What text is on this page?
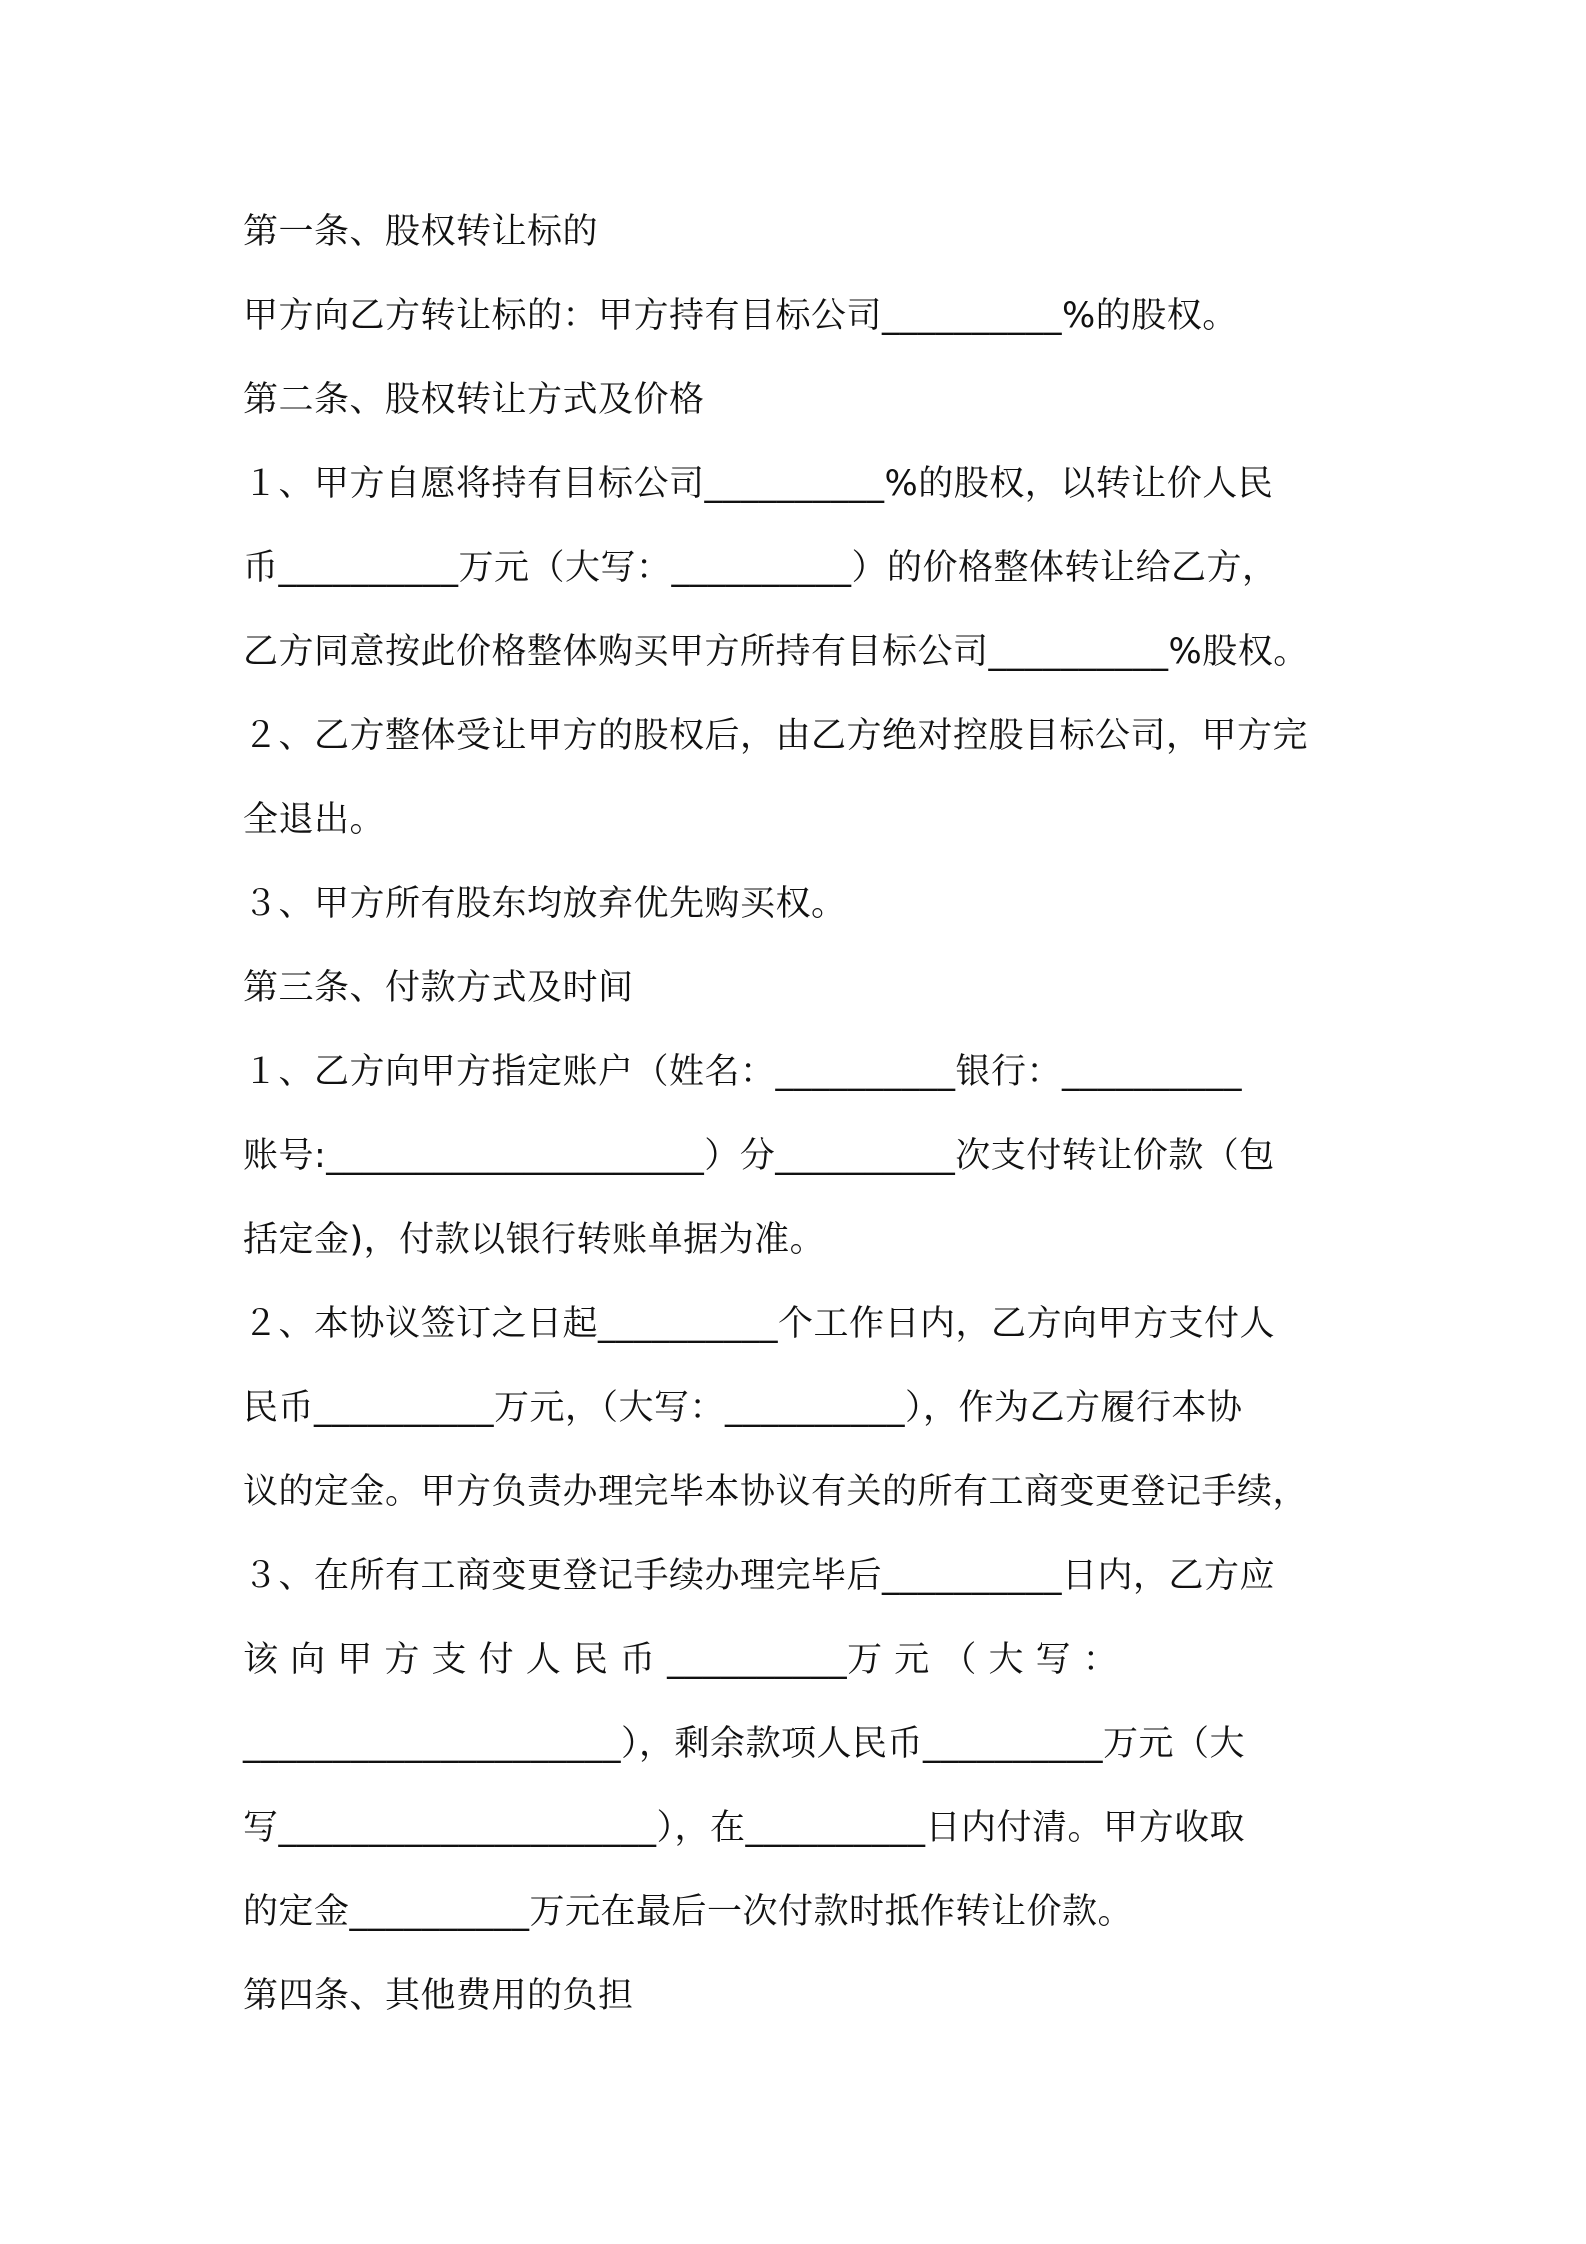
第一条、股权转让标的
甲方向乙方转让标的：甲方持有目标公司__________%的股权。
第二条、股权转让方式及价格
１、甲方自愿将持有目标公司__________%的股权，以转让价人民
币__________万元（大写：__________）的价格整体转让给乙方，
乙方同意按此价格整体购买甲方所持有目标公司__________%股权。
２、乙方整体受让甲方的股权后，由乙方绝对控股目标公司，甲方完
全退出。
３、甲方所有股东均放弃优先购买权。
第三条、付款方式及时间
１、乙方向甲方指定账户（姓名：__________银行：__________
账号:_____________________）分__________次支付转让价款（包
括定金)，付款以银行转账单据为准。
２、本协议签订之日起__________个工作日内，乙方向甲方支付人
民币__________万元，（大写：__________），作为乙方履行本协
议的定金。甲方负责办理完毕本协议有关的所有工商变更登记手续，
３、在所有工商变更登记手续办理完毕后__________日内，乙方应
该 向 甲 方 支 付 人 民 币 __________万 元 （ 大 写 ：
_____________________），剩余款项人民币__________万元（大
写_____________________），在__________日内付清。甲方收取
的定金__________万元在最后一次付款时抵作转让价款。
第四条、其他费用的负担
